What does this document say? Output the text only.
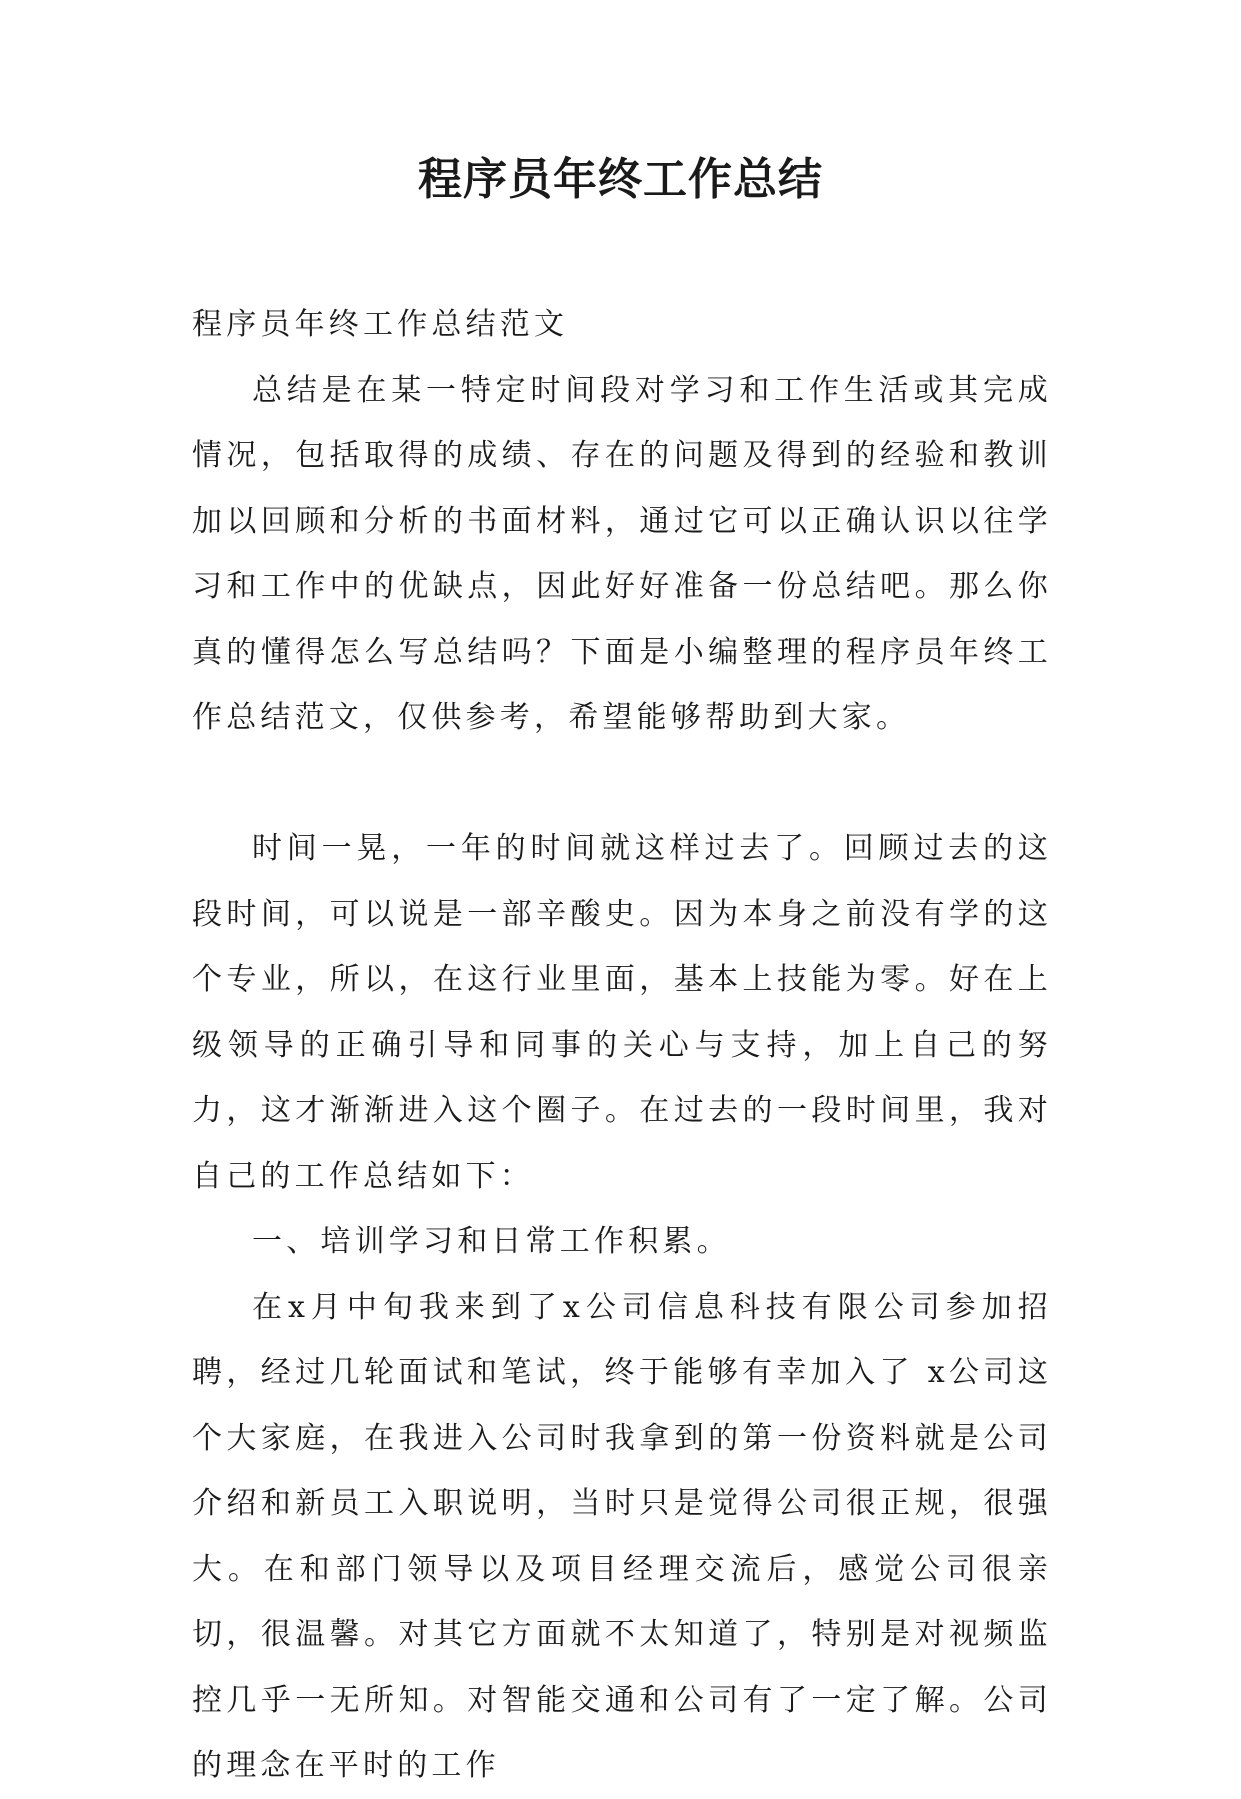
程序员年终工作总结

程序员年终工作总结范文

总结是在某一特定时间段对学习和工作生活或其完成情况，包括取得的成绩、存在的问题及得到的经验和教训加以回顾和分析的书面材料，通过它可以正确认识以往学习和工作中的优缺点，因此好好准备一份总结吧。那么你真的懂得怎么写总结吗？下面是小编整理的程序员年终工作总结范文，仅供参考，希望能够帮助到大家。

时间一晃，一年的时间就这样过去了。回顾过去的这段时间，可以说是一部辛酸史。因为本身之前没有学的这个专业，所以，在这行业里面，基本上技能为零。好在上级领导的正确引导和同事的关心与支持，加上自己的努力，这才渐渐进入这个圈子。在过去的一段时间里，我对自己的工作总结如下：

一、培训学习和日常工作积累。

在x月中旬我来到了x公司信息科技有限公司参加招聘，经过几轮面试和笔试，终于能够有幸加入了 x公司这个大家庭，在我进入公司时我拿到的第一份资料就是公司介绍和新员工入职说明，当时只是觉得公司很正规，很强大。在和部门领导以及项目经理交流后，感觉公司很亲切，很温馨。对其它方面就不太知道了，特别是对视频监控几乎一无所知。对智能交通和公司有了一定了解。公司的理念在平时的工作
